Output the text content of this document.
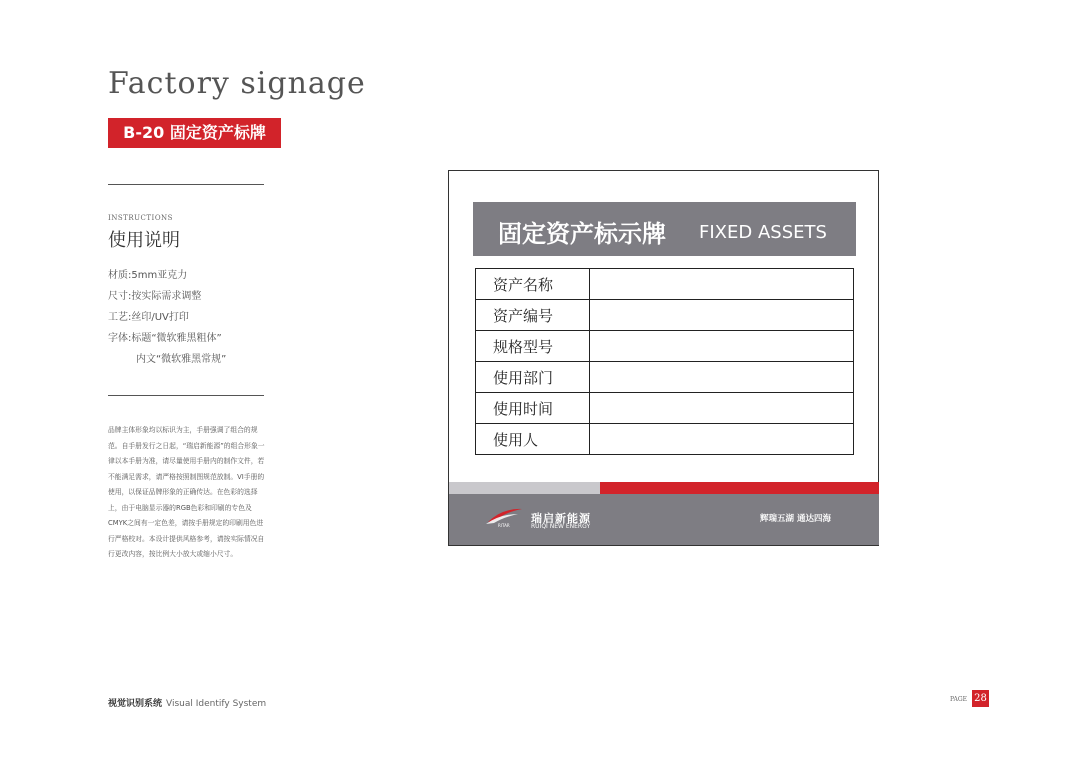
Factory signage
B-20 固定资产标牌
INSTRUCTIONS
使用说明
材质:5mm亚克力
尺寸:按实际需求调整
工艺:丝印/UV打印
字体:标题“微软雅黑粗体”
内文“微软雅黑常规”
品牌主体形象均以标识为主，手册强调了组合的规范。自手册发行之日起，“瑞启新能源”的组合形象一律以本手册为准，请尽量使用手册内的制作文件，若不能满足需求，请严格按照制图规范放制。VI手册的使用，以保证品牌形象的正确传达。在色彩的选择上，由于电脑显示器的RGB色彩和印刷的专色及CMYK之间有一定色差，请按手册规定的印刷用色进行严格校对。本设计提供风格参考，请按实际情况自行更改内容，按比例大小放大或缩小尺寸。
固定资产标示牌 FIXED ASSETS
资产名称	
资产编号	
规格型号	
使用部门	
使用时间	
使用人	
RITAR
瑞启新能源
RUIQI NEW ENERGY
辉瑞五湖 通达四海
视觉识别系统 Visual Identify System	PAGE 28
